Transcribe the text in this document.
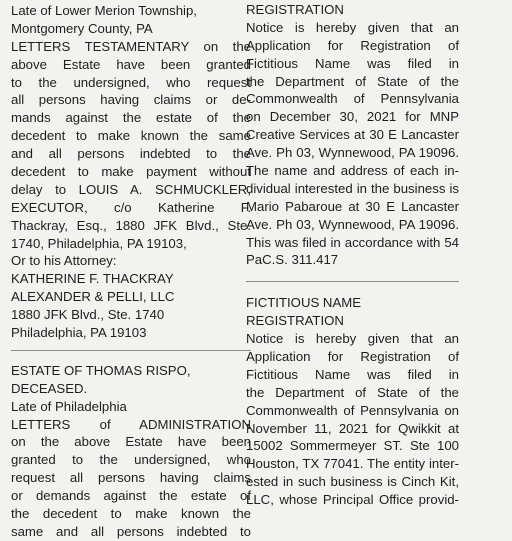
Late of Lower Merion Township,
Montgomery County, PA
LETTERS TESTAMENTARY on the
above Estate have been granted
to the undersigned, who request
all persons having claims or de-
mands against the estate of the
decedent to make known the same
and all persons indebted to the
decedent to make payment without
delay to LOUIS A. SCHMUCKLER,
EXECUTOR, c/o Katherine F.
Thackray, Esq., 1880 JFK Blvd., Ste.
1740, Philadelphia, PA 19103,
Or to his Attorney:
KATHERINE F. THACKRAY
ALEXANDER & PELLI, LLC
1880 JFK Blvd., Ste. 1740
Philadelphia, PA 19103
ESTATE OF THOMAS RISPO,
DECEASED.
Late of Philadelphia
LETTERS of ADMINISTRATION
on the above Estate have been
granted to the undersigned, who
request all persons having claims
or demands against the estate of
the decedent to make known the
same and all persons indebted to
REGISTRATION
Notice is hereby given that an
Application for Registration of
Fictitious Name was filed in
the Department of State of the
Commonwealth of Pennsylvania
on December 30, 2021 for MNP
Creative Services at 30 E Lancaster
Ave. Ph 03, Wynnewood, PA 19096.
The name and address of each in-
dividual interested in the business is
Mario Pabaroue at 30 E Lancaster
Ave. Ph 03, Wynnewood, PA 19096.
This was filed in accordance with 54
PaC.S. 311.417
FICTITIOUS NAME
REGISTRATION
Notice is hereby given that an
Application for Registration of
Fictitious Name was filed in
the Department of State of the
Commonwealth of Pennsylvania on
November 11, 2021 for Qwikkit at
15002 Sommermeyer ST. Ste 100
Houston, TX 77041. The entity inter-
ested in such business is Cinch Kit,
LLC, whose Principal Office provid-
